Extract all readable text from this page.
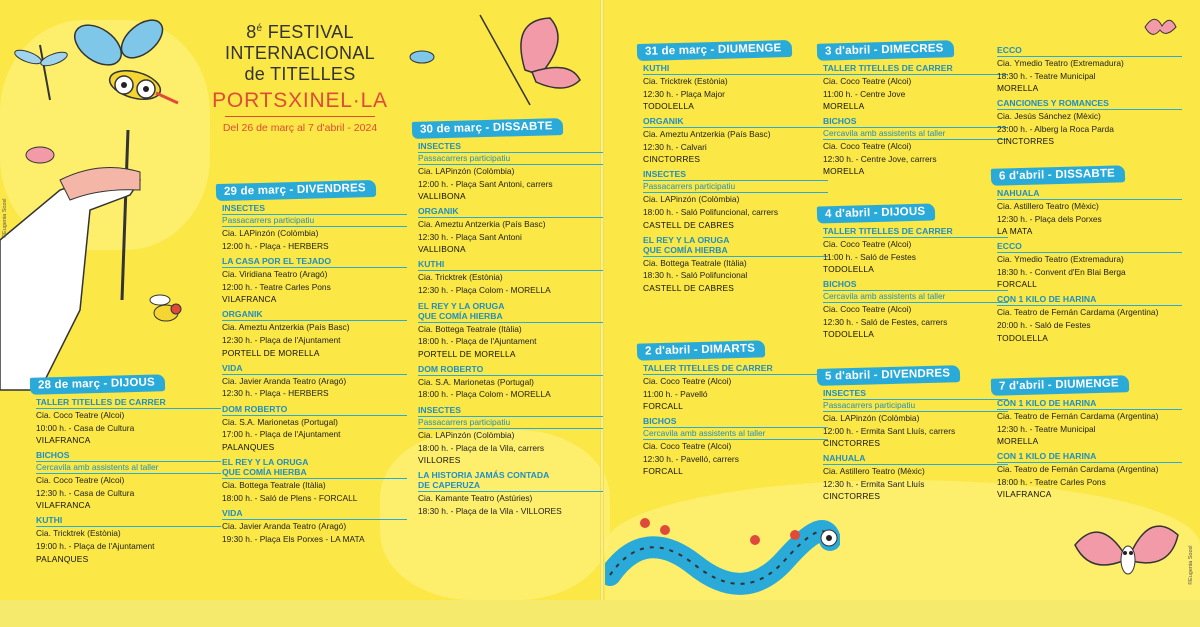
©Eugenia Sozel
©Eugenia Sozel
$8^é$ FESTIVAL
INTERNACIONAL
de TITELLES
PORTSXINEL·LA
Del 26 de març al 7 d'abril - 2024
28 de març - DIJOUS
TALLER TITELLES DE CARRER
Cia. Coco Teatre (Alcoi)
10:00 h. - Casa de Cultura
VILAFRANCA
BICHOS
Cercavila amb assistents al taller
Cia. Coco Teatre (Alcoi)
12:30 h. - Casa de Cultura
VILAFRANCA
KUTHI
Cia. Tricktrek (Estònia)
19:00 h. - Plaça de l'Ajuntament
PALANQUES
29 de març - DIVENDRES
INSECTES
Passacarrers participatiu
Cia. LAPinzón (Colòmbia)
12:00 h. - Plaça - HERBERS
LA CASA POR EL TEJADO
Cia. Viridiana Teatro (Aragó)
12:00 h. - Teatre Carles Pons
VILAFRANCA
ORGANIK
Cia. Ameztu Antzerkia (País Basc)
12:30 h. - Plaça de l'Ajuntament
PORTELL DE MORELLA
VIDA
Cia. Javier Aranda Teatro (Aragó)
12:30 h. - Plaça - HERBERS
DOM ROBERTO
Cia. S.A. Marionetas (Portugal)
17:00 h. - Plaça de l'Ajuntament
PALANQUES
EL REY Y LA ORUGA
QUE COMÍA HIERBA
Cia. Bottega Teatrale (Itàlia)
18:00 h. - Saló de Plens - FORCALL
VIDA
Cia. Javier Aranda Teatro (Aragó)
19:30 h. - Plaça Els Porxes - LA MATA
30 de març - DISSABTE
INSECTES
Passacarrers participatiu
Cia. LAPinzón (Colòmbia)
12:00 h. - Plaça Sant Antoni, carrers
VALLIBONA
ORGANIK
Cia. Ameztu Antzerkia (País Basc)
12:30 h. - Plaça Sant Antoni
VALLIBONA
KUTHI
Cia. Tricktrek (Estònia)
12:30 h. - Plaça Colom - MORELLA
EL REY Y LA ORUGA
QUE COMÍA HIERBA
Cia. Bottega Teatrale (Itàlia)
18:00 h. - Plaça de l'Ajuntament
PORTELL DE MORELLA
DOM ROBERTO
Cia. S.A. Marionetas (Portugal)
18:00 h. - Plaça Colom - MORELLA
INSECTES
Passacarrers participatiu
Cia. LAPinzón (Colòmbia)
18:00 h. - Plaça de la Vila, carrers
VILLORES
LA HISTORIA JAMÁS CONTADA
DE CAPERUZA
Cia. Kamante Teatro (Astúries)
18:30 h. - Plaça de la Vila - VILLORES
31 de març - DIUMENGE
KUTHI
Cia. Tricktrek (Estònia)
12:30 h. - Plaça Major
TODOLELLA
ORGANIK
Cia. Ameztu Antzerkia (País Basc)
12:30 h. - Calvari
CINCTORRES
INSECTES
Passacarrers participatiu
Cia. LAPinzón (Colòmbia)
18:00 h. - Saló Polifuncional, carrers
CASTELL DE CABRES
EL REY Y LA ORUGA
QUE COMÍA HIERBA
Cia. Bottega Teatrale (Itàlia)
18:30 h. - Saló Polifuncional
CASTELL DE CABRES
2 d'abril - DIMARTS
TALLER TITELLES DE CARRER
Cia. Coco Teatre (Alcoi)
11:00 h. - Pavelló
FORCALL
BICHOS
Cercavila amb assistents al taller
Cia. Coco Teatre (Alcoi)
12:30 h. - Pavelló, carrers
FORCALL
3 d'abril - DIMECRES
TALLER TITELLES DE CARRER
Cia. Coco Teatre (Alcoi)
11:00 h. - Centre Jove
MORELLA
BICHOS
Cercavila amb assistents al taller
Cia. Coco Teatre (Alcoi)
12:30 h. - Centre Jove, carrers
MORELLA
4 d'abril - DIJOUS
TALLER TITELLES DE CARRER
Cia. Coco Teatre (Alcoi)
11:00 h. - Saló de Festes
TODOLELLA
BICHOS
Cercavila amb assistents al taller
Cia. Coco Teatre (Alcoi)
12:30 h. - Saló de Festes, carrers
TODOLELLA
5 d'abril - DIVENDRES
INSECTES
Passacarrers participatiu
Cia. LAPinzón (Colòmbia)
12:00 h. - Ermita Sant Lluís, carrers
CINCTORRES
NAHUALA
Cia. Astillero Teatro (Mèxic)
12:30 h. - Ermita Sant Lluís
CINCTORRES
ECCO
Cia. Ymedio Teatro (Extremadura)
18:30 h. - Teatre Municipal
MORELLA
CANCIONES Y ROMANCES
Cia. Jesús Sánchez (Mèxic)
23:00 h. - Alberg la Roca Parda
CINCTORRES
6 d'abril - DISSABTE
NAHUALA
Cia. Astillero Teatro (Mèxic)
12:30 h. - Plaça dels Porxes
LA MATA
ECCO
Cia. Ymedio Teatro (Extremadura)
18:30 h. - Convent d'En Blai Berga
FORCALL
CON 1 KILO DE HARINA
Cia. Teatro de Fernán Cardama (Argentina)
20:00 h. - Saló de Festes
TODOLELLA
7 d'abril - DIUMENGE
CON 1 KILO DE HARINA
Cia. Teatro de Fernán Cardama (Argentina)
12:30 h. - Teatre Municipal
MORELLA
CON 1 KILO DE HARINA
Cia. Teatro de Fernán Cardama (Argentina)
18:00 h. - Teatre Carles Pons
VILAFRANCA
